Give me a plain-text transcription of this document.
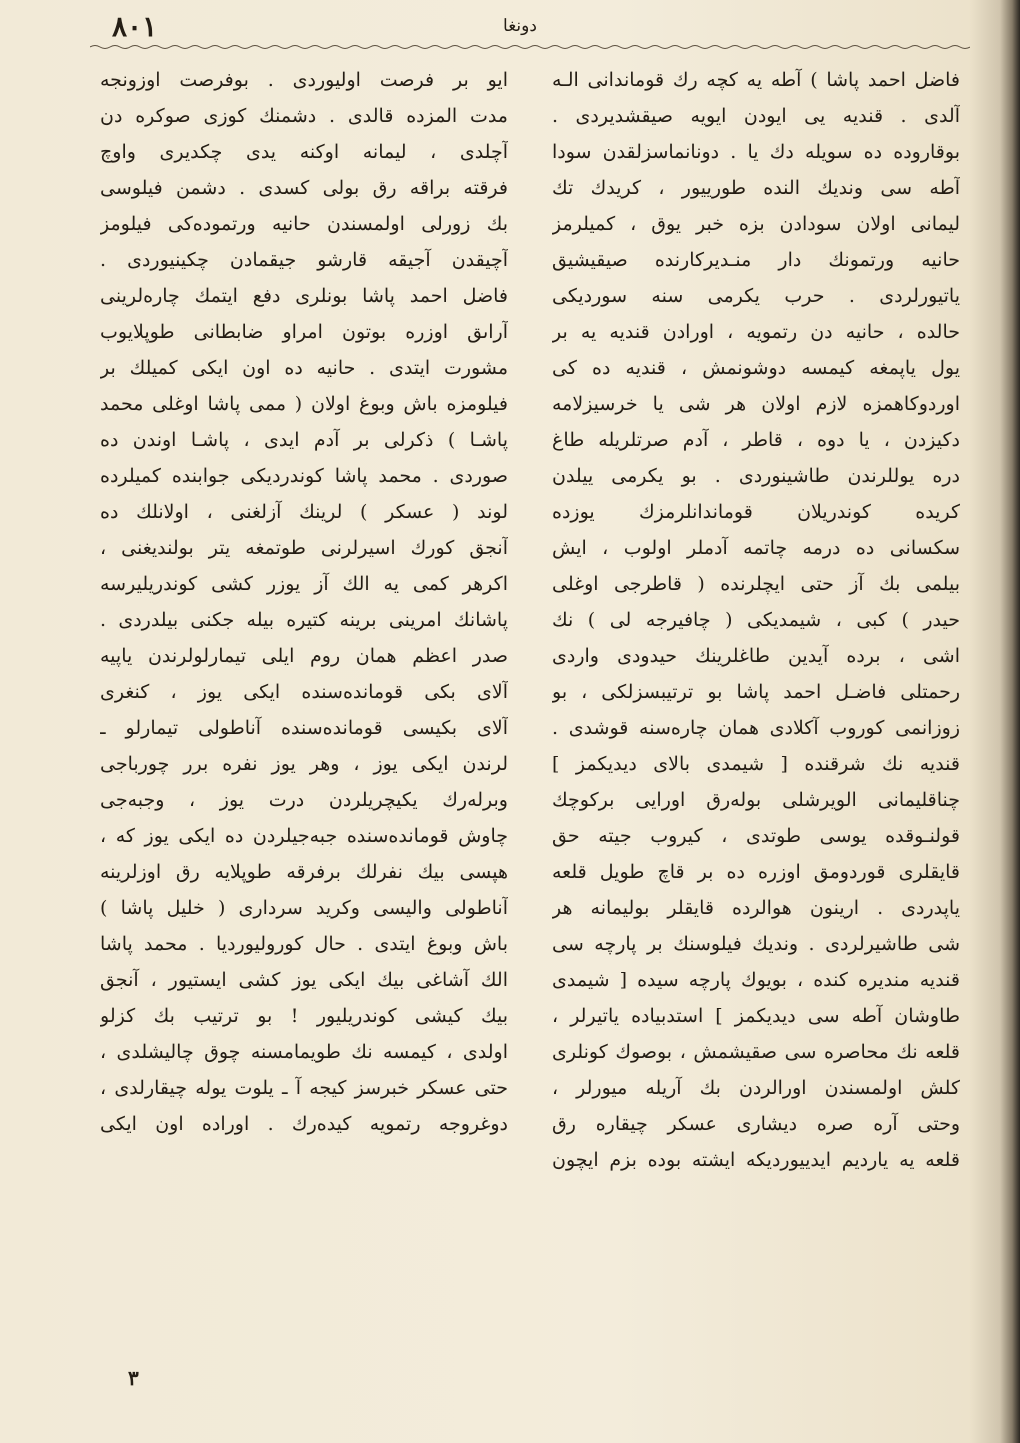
۸۰۱	دونغا
فاضل احمد پاشا ) آطه یه کچه رك قوماندانی الـه
آلدی . قندیه یی ایودن ایویه صیقشدیردی .
بوقاروده ده سویله دك یا . دونانماسزلقدن سودا
آطه سی وندیك النده طورییور ، كریدك تك
لیمانی اولان سودادن بزه خبر یوق ، كمیلرمز
حانیه ورتمونك دار منـدیركارنده صیقیشیق
یاتیورلردی . حرب یکرمی سنه سوردیكی
حالده ، حانیه دن رتمویه ، اورادن قندیه یه بر
یول یاپمغه كیمسه دوشونمش ، قندیه ده كی
اوردوكاهمزه لازم اولان هر شی یا خرسیزلامه
دكیزدن ، یا دوه ، قاطر ، آدم صرتلریله طاغ
دره یوللرندن طاشینوردی . بو یكرمی ییلدن
كریده كوندریلان قوماندانلرمزك یوزده
سكسانی ده درمه چاتمه آدملر اولوب ، ایش
بیلمی بك آز حتی ایچلرنده ( قاطرجی اوغلی
حیدر ) كبی ، شیمدیكی ( چافیرجه لی ) نك
اشی ، برده آیدین طاغلرینك حیدودی واردی
رحمتلی فاضـل احمد پاشا بو ترتیبسزلكی ، بو
زوزانمی كوروب آكلادی همان چارەسنه قوشدی .
قندیه نك شرقنده [ شیمدی بالای دیدیكمز ]
چناقلیمانی الویرشلی بولەرق اورایی بركوچك
قولنـوقده یوسی طوتدی ، كیروب جیته حق
قایقلری قوردومق اوزره ده بر قاچ طویل قلعه
یاپدردی . ارینون هوالرده قایقلر بولیمانه هر
شی طاشیرلردی . وندیك فیلوسنك بر پارچه سی
قندیه مندیره كنده ، بویوك پارچه سیده [ شیمدی
طاوشان آطه سی دیدیكمز ] استدبیاده یاتیرلر ،
قلعه نك محاصره سی صقیشمش ، بوصوك كونلری
كلش اولمسندن اورالردن بك آریله میورلر ،
وحتی آره صره دیشاری عسکر چیقاره رق
قلعه یه یاردیم ایدییوردیکه ایشته بوده بزم ایچون
ایو بر فرصت اولیوردی . بوفرصت اوزونجه
مدت المزده قالدی . دشمنك كوزی صوكره دن
آچلدی ، لیمانه اوكنه یدی چكدیری واوچ
فرقته براقه رق بولی كسدی . دشمن فیلوسی
بك زورلی اولمسندن حانیه ورتمودەكی فیلومز
آچیقدن آجیقه قارشو جیقمادن چكینیوردی .
فاضل احمد پاشا بونلری دفع ایتمك چارەلرینی
آراىق اوزره بوتون امراو ضابطانی طوپلایوب
مشورت ایتدی . حانیه ده اون ایكی كمیلك بر
فیلومزه باش وبوغ اولان ( ممی پاشا اوغلی محمد
پاشـا ) ذكرلی بر آدم ایدی ، پاشـا اوندن ده
صوردی . محمد پاشا كوندردیكی جوابنده كمیلرده
لوند ( عسكر ) لرینك آزلغنی ، اولانلك ده
آنجق كورك اسیرلرنی طوتمغه یتر بولندیغنی ،
اكرهر كمی یه الك آز یوزر كشی كوندریلیرسه
پاشانك امرینی برینه كتیره بیله جكنی بیلدردی .
صدر اعظم همان روم ایلی تیمارلولرندن یاپیه
آلای بكی قوماندەسنده ایكی یوز ، كنغری
آلای بكیسی قوماندەسنده آناطولی تیمارلو ـ
لرندن ایكی یوز ، وهر یوز نفره برر چورباجی
وبرلەرك یكیچریلردن درت یوز ، وجبەجی
چاوش قوماندەسنده جبەجیلردن ده ایكی یوز كه ،
هپسی بیك نفرلك برفرقه طوپلایه رق اوزلرینه
آناطولی والیسی وكرید سرداری ( خلیل پاشا )
باش وبوغ ایتدی . حال كورولیوردیا . محمد پاشا
الك آشاغی بیك ایكی یوز كشی ایستیور ، آنجق
بیك كیشی كوندریلیور ! بو ترتیب بك كزلو
اولدی ، كیمسه نك طویمامسنه چوق چالیشلدی ،
حتی عسكر خبرسز كیجه آ ـ یلوت یوله چیقارلدی ،
دوغروجه رتمویه كیدەرك . اوراده اون ایكی
۳
